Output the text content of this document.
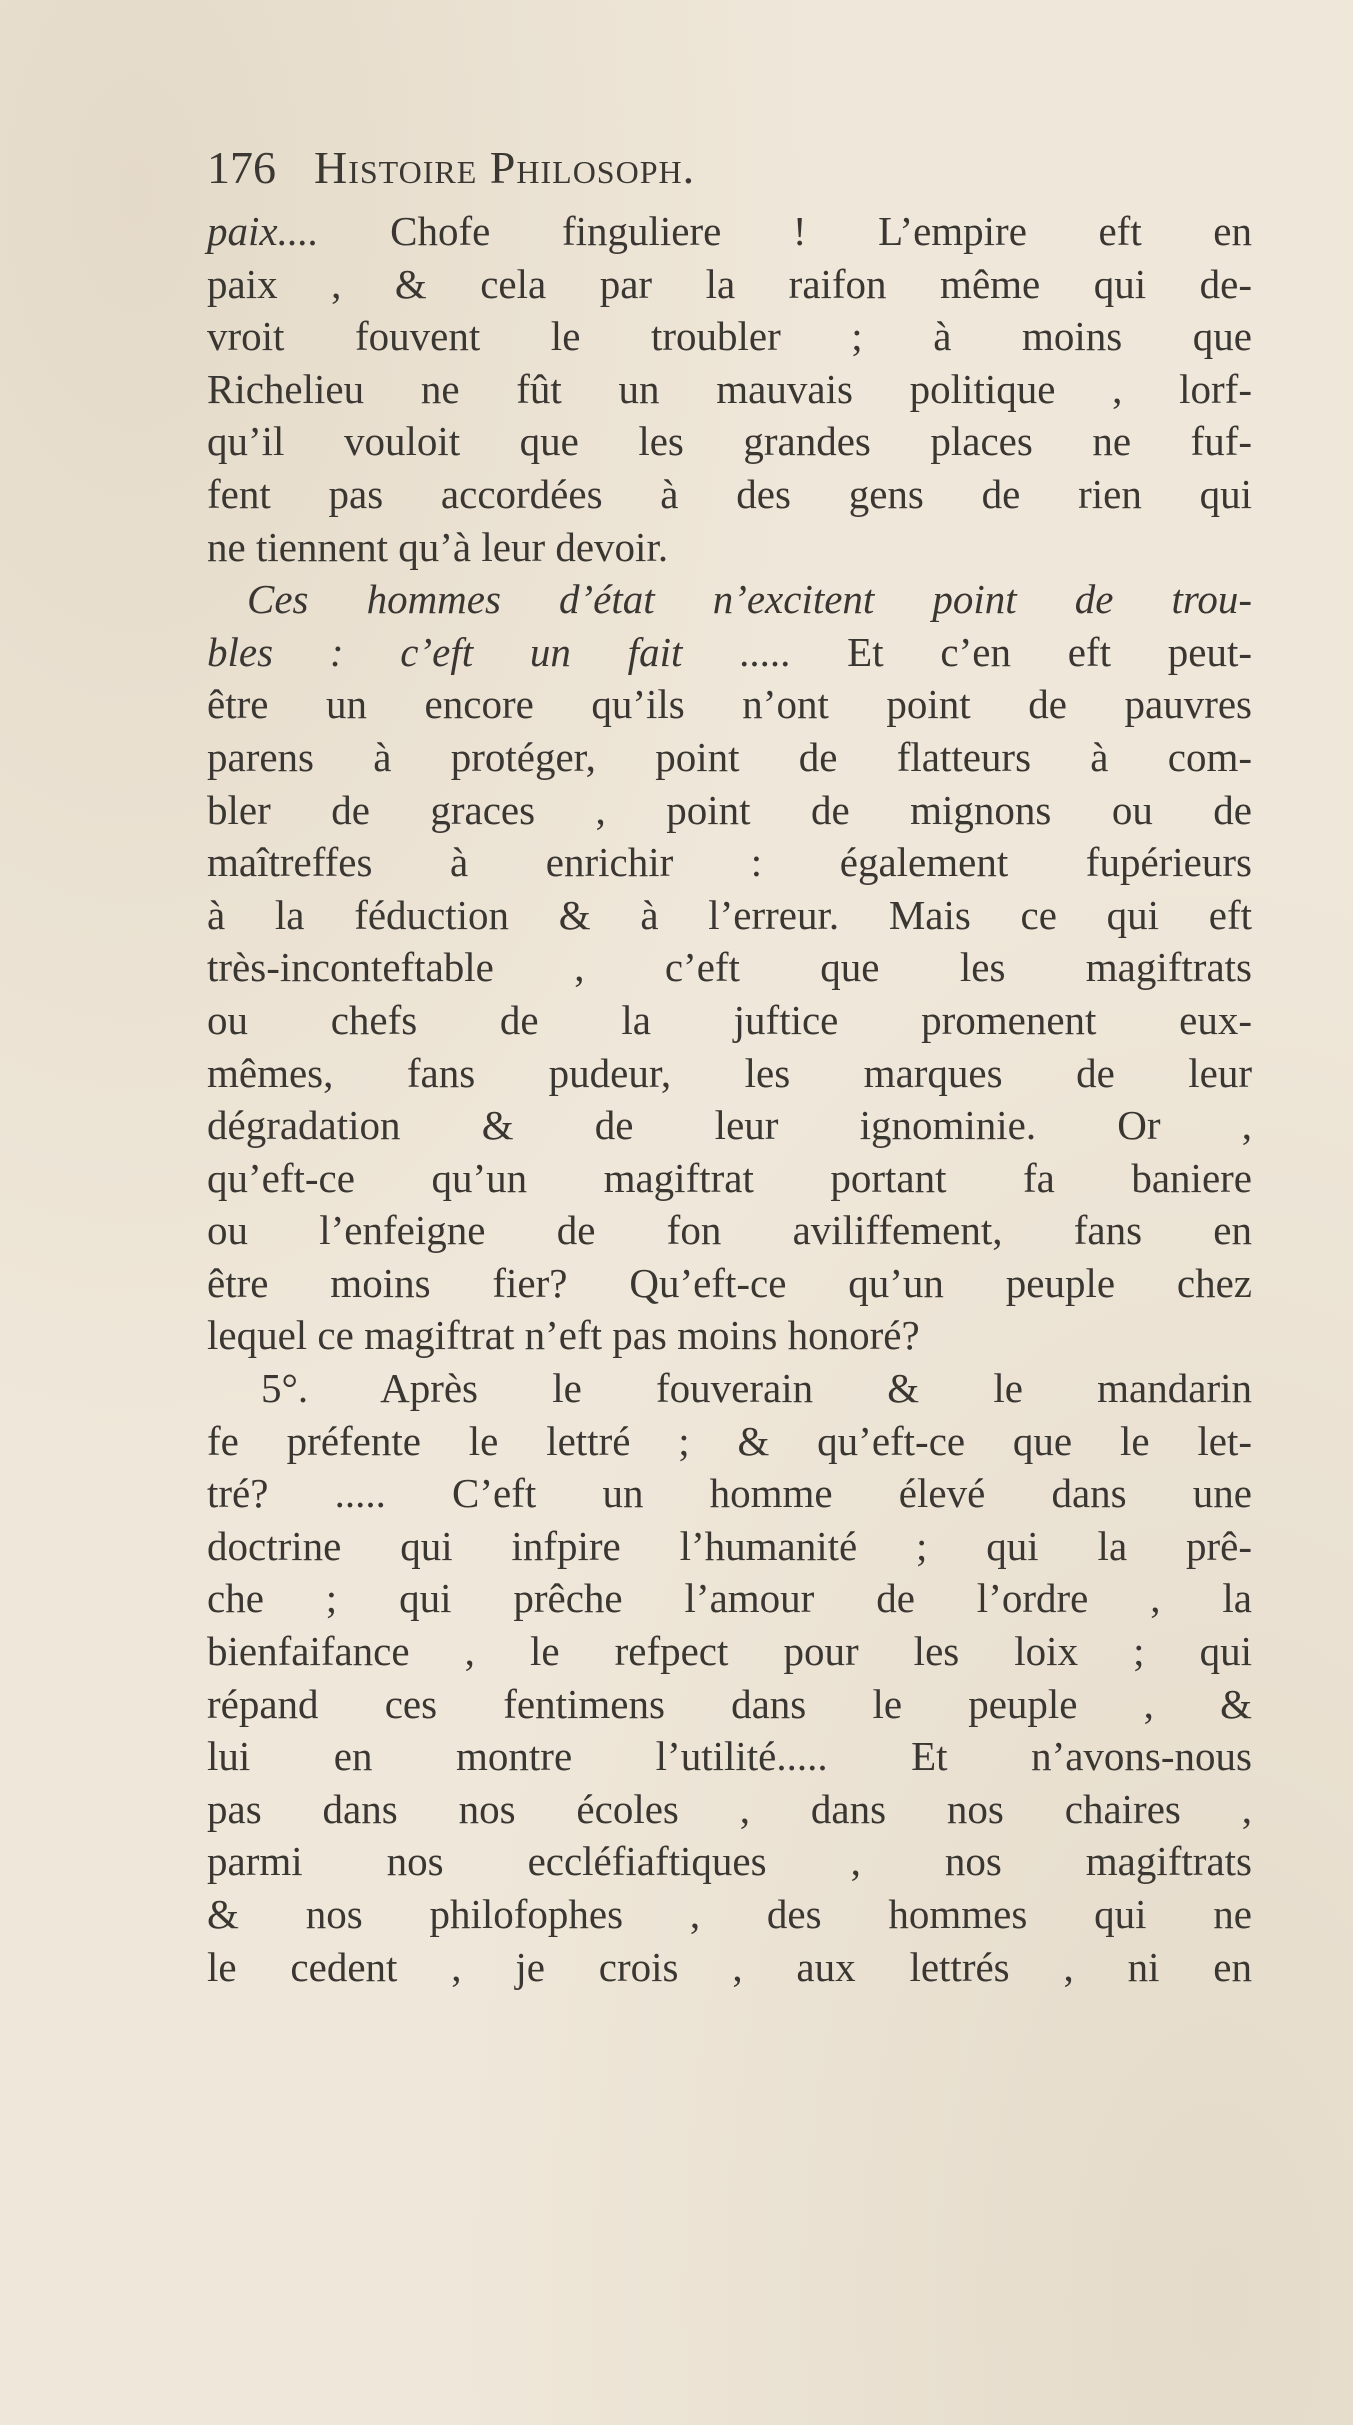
176 Histoire Philosoph.
paix.... Chofe finguliere ! L’empire eft en
paix , & cela par la raifon même qui de-
vroit fouvent le troubler ; à moins que
Richelieu ne fût un mauvais politique , lorf-
qu’il vouloit que les grandes places ne fuf-
fent pas accordées à des gens de rien qui
ne tiennent qu’à leur devoir.
Ces hommes d’état n’excitent point de trou-
bles : c’eft un fait ..... Et c’en eft peut-
être un encore qu’ils n’ont point de pauvres
parens à protéger, point de flatteurs à com-
bler de graces , point de mignons ou de
maîtreffes à enrichir : également fupérieurs
à la féduction & à l’erreur. Mais ce qui eft
très-inconteftable , c’eft que les magiftrats
ou chefs de la juftice promenent eux-
mêmes, fans pudeur, les marques de leur
dégradation & de leur ignominie. Or ,
qu’eft-ce qu’un magiftrat portant fa baniere
ou l’enfeigne de fon aviliffement, fans en
être moins fier? Qu’eft-ce qu’un peuple chez
lequel ce magiftrat n’eft pas moins honoré?
5°. Après le fouverain & le mandarin
fe préfente le lettré ; & qu’eft-ce que le let-
tré? ..... C’eft un homme élevé dans une
doctrine qui infpire l’humanité ; qui la prê-
che ; qui prêche l’amour de l’ordre , la
bienfaifance , le refpect pour les loix ; qui
répand ces fentimens dans le peuple , &
lui en montre l’utilité..... Et n’avons-nous
pas dans nos écoles , dans nos chaires ,
parmi nos eccléfiaftiques , nos magiftrats
& nos philofophes , des hommes qui ne
le cedent , je crois , aux lettrés , ni en
